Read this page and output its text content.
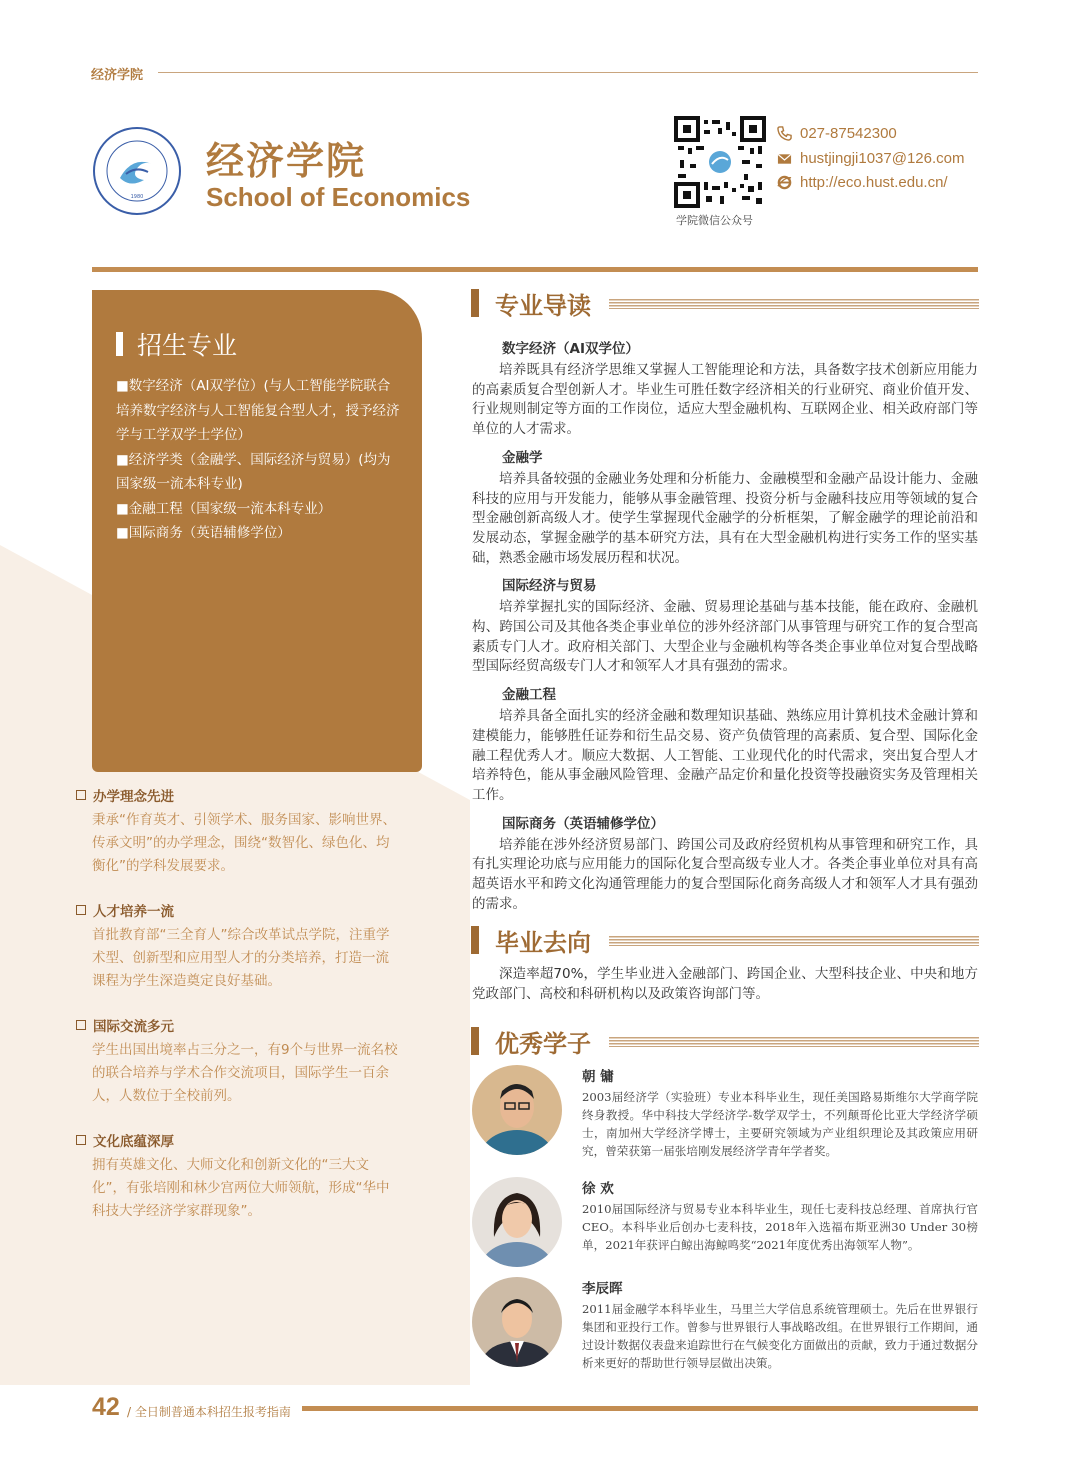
经济学院
1980
经济学院
School of Economics
学院微信公众号
027-87542300
hustjingji1037@126.com
http://eco.hust.edu.cn/
招生专业
■数字经济（AI双学位）(与人工智能学院联合培养数字经济与人工智能复合型人才，授予经济学与工学双学士学位）
■经济学类（金融学、国际经济与贸易）(均为国家级一流本科专业)
■金融工程（国家级一流本科专业）
■国际商务（英语辅修学位）
办学理念先进
秉承“作育英才、引领学术、服务国家、影响世界、传承文明”的办学理念，围绕“数智化、绿色化、均衡化”的学科发展要求。
人才培养一流
首批教育部“三全育人”综合改革试点学院，注重学术型、创新型和应用型人才的分类培养，打造一流课程为学生深造奠定良好基础。
国际交流多元
学生出国出境率占三分之一，有9个与世界一流名校的联合培养与学术合作交流项目，国际学生一百余人，人数位于全校前列。
文化底蕴深厚
拥有英雄文化、大师文化和创新文化的“三大文化”，有张培刚和林少宫两位大师领航，形成“华中科技大学经济学家群现象”。
专业导读
数字经济（AI双学位）
培养既具有经济学思维又掌握人工智能理论和方法，具备数字技术创新应用能力的高素质复合型创新人才。毕业生可胜任数字经济相关的行业研究、商业价值开发、行业规则制定等方面的工作岗位，适应大型金融机构、互联网企业、相关政府部门等单位的人才需求。
金融学
培养具备较强的金融业务处理和分析能力、金融模型和金融产品设计能力、金融科技的应用与开发能力，能够从事金融管理、投资分析与金融科技应用等领域的复合型金融创新高级人才。使学生掌握现代金融学的分析框架，了解金融学的理论前沿和发展动态，掌握金融学的基本研究方法，具有在大型金融机构进行实务工作的坚实基础，熟悉金融市场发展历程和状况。
国际经济与贸易
培养掌握扎实的国际经济、金融、贸易理论基础与基本技能，能在政府、金融机构、跨国公司及其他各类企事业单位的涉外经济部门从事管理与研究工作的复合型高素质专门人才。政府相关部门、大型企业与金融机构等各类企事业单位对复合型战略型国际经贸高级专门人才和领军人才具有强劲的需求。
金融工程
培养具备全面扎实的经济金融和数理知识基础、熟练应用计算机技术金融计算和建模能力，能够胜任证券和衍生品交易、资产负债管理的高素质、复合型、国际化金融工程优秀人才。顺应大数据、人工智能、工业现代化的时代需求，突出复合型人才培养特色，能从事金融风险管理、金融产品定价和量化投资等投融资实务及管理相关工作。
国际商务（英语辅修学位）
培养能在涉外经济贸易部门、跨国公司及政府经贸机构从事管理和研究工作，具有扎实理论功底与应用能力的国际化复合型高级专业人才。各类企事业单位对具有高超英语水平和跨文化沟通管理能力的复合型国际化商务高级人才和领军人才具有强劲的需求。
毕业去向
深造率超70%，学生毕业进入金融部门、跨国企业、大型科技企业、中央和地方党政部门、高校和科研机构以及政策咨询部门等。
优秀学子
朝 镛
2003届经济学（实验班）专业本科毕业生，现任美国路易斯维尔大学商学院终身教授。华中科技大学经济学-数学双学士，不列颠哥伦比亚大学经济学硕士，南加州大学经济学博士，主要研究领域为产业组织理论及其政策应用研究，曾荣获第一届张培刚发展经济学青年学者奖。
徐 欢
2010届国际经济与贸易专业本科毕业生，现任七麦科技总经理、首席执行官CEO。本科毕业后创办七麦科技，2018年入选福布斯亚洲30 Under 30榜单，2021年获评白鲸出海鲸鸣奖“2021年度优秀出海领军人物”。
李辰晖
2011届金融学本科毕业生，马里兰大学信息系统管理硕士。先后在世界银行集团和亚投行工作。曾参与世界银行人事战略改组。在世界银行工作期间，通过设计数据仪表盘来追踪世行在气候变化方面做出的贡献，致力于通过数据分析来更好的帮助世行领导层做出决策。
42 / 全日制普通本科招生报考指南
